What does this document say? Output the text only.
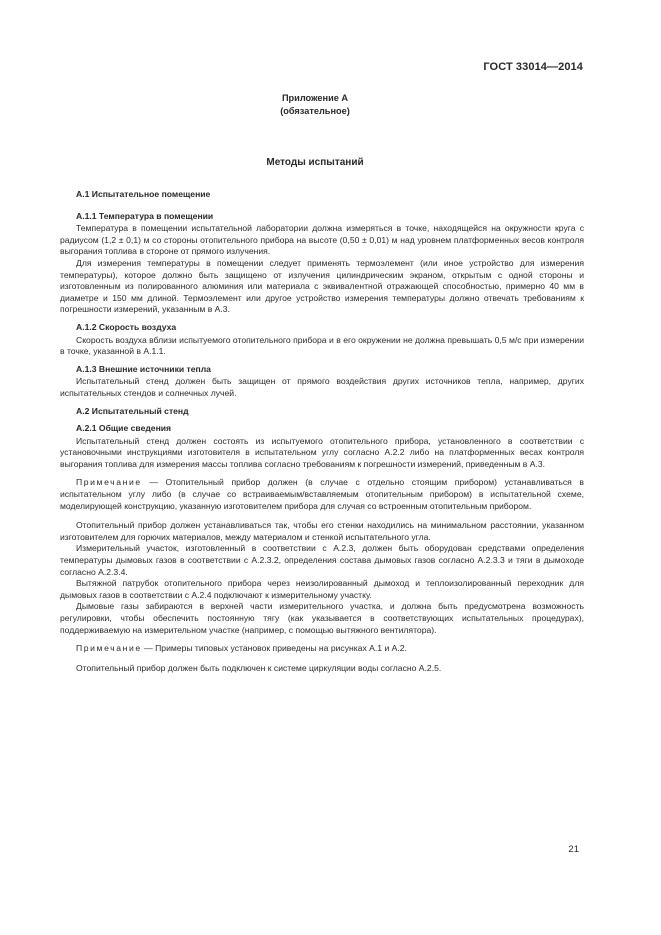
ГОСТ 33014—2014
Приложение А
(обязательное)
Методы испытаний

А.1 Испытательное помещение

А.1.1 Температура в помещении

Температура в помещении испытательной лаборатории должна измеряться в точке, находящейся на окружности круга с радиусом (1,2 ± 0,1) м со стороны отопительного прибора на высоте (0,50 ± 0,01) м над уровнем платформенных весов контроля выгорания топлива в стороне от прямого излучения.

Для измерения температуры в помещении следует применять термоэлемент (или иное устройство для измерения температуры), которое должно быть защищено от излучения цилиндрическим экраном, открытым с одной стороны и изготовленным из полированного алюминия или материала с эквивалентной отражающей способностью, примерно 40 мм в диаметре и 150 мм длиной. Термоэлемент или другое устройство измерения температуры должно отвечать требованиям к погрешности измерений, указанным в А.3.

А.1.2 Скорость воздуха

Скорость воздуха вблизи испытуемого отопительного прибора и в его окружении не должна превышать 0,5 м/с при измерении в точке, указанной в А.1.1.

А.1.3 Внешние источники тепла

Испытательный стенд должен быть защищен от прямого воздействия других источников тепла, например, других испытательных стендов и солнечных лучей.

А.2 Испытательный стенд

А.2.1 Общие сведения

Испытательный стенд должен состоять из испытуемого отопительного прибора, установленного в соответствии с установочными инструкциями изготовителя в испытательном углу согласно А.2.2 либо на платформенных весах контроля выгорания топлива для измерения массы топлива согласно требованиям к погрешности измерений, приведенным в А.3.

Примечание — Отопительный прибор должен (в случае с отдельно стоящим прибором) устанавливаться в испытательном углу либо (в случае со встраиваемым/вставляемым отопительным прибором) в испытательной схеме, моделирующей конструкцию, указанную изготовителем прибора для случая со встроенным отопительным прибором.

Отопительный прибор должен устанавливаться так, чтобы его стенки находились на минимальном расстоянии, указанном изготовителем для горючих материалов, между материалом и стенкой испытательного угла.

Измерительный участок, изготовленный в соответствии с А.2.3, должен быть оборудован средствами определения температуры дымовых газов в соответствии с А.2.3.2, определения состава дымовых газов согласно А.2.3.3 и тяги в дымоходе согласно А.2.3.4.

Вытяжной патрубок отопительного прибора через неизолированный дымоход и теплоизолированный переходник для дымовых газов в соответствии с А.2.4 подключают к измерительному участку.

Дымовые газы забираются в верхней части измерительного участка, и должна быть предусмотрена возможность регулировки, чтобы обеспечить постоянную тягу (как указывается в соответствующих испытательных процедурах), поддерживаемую на измерительном участке (например, с помощью вытяжного вентилятора).

Примечание — Примеры типовых установок приведены на рисунках А.1 и А.2.

Отопительный прибор должен быть подключен к системе циркуляции воды согласно А.2.5.

21
